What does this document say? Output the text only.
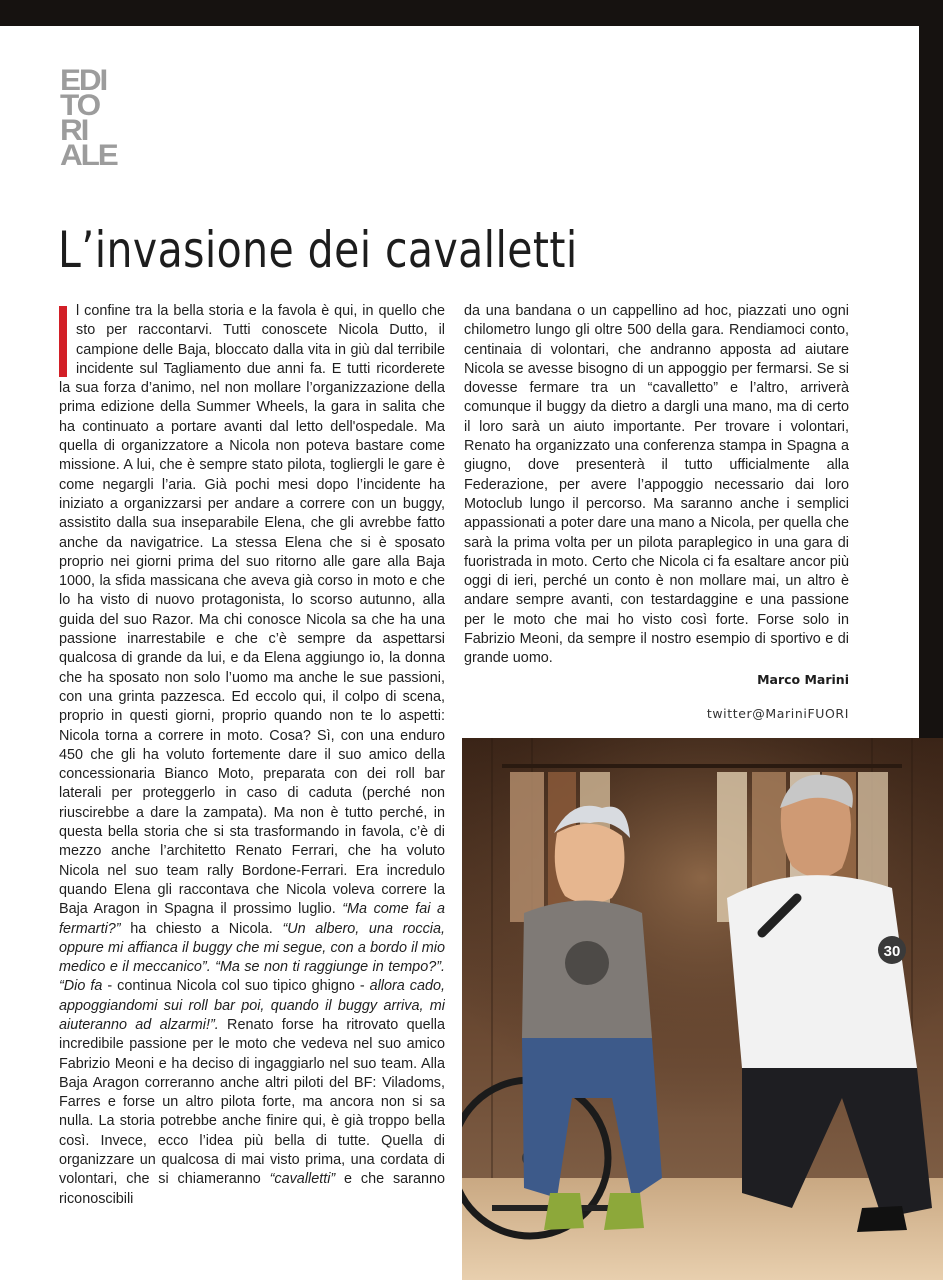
EDI
TO
RI
ALE
L’invasione dei cavalletti

l confine tra la bella storia e la favola è qui, in quello che sto per raccontarvi. Tutti conoscete Nicola Dutto, il campione delle Baja, bloccato dalla vita in giù dal terribile incidente sul Tagliamento due anni fa. E tutti ricorderete la sua forza d’animo, nel non mollare l’organizzazione della prima edizione della Summer Wheels, la gara in salita che ha continuato a portare avanti dal letto dell'ospedale. Ma quella di organizzatore a Nicola non poteva bastare come missione. A lui, che è sempre stato pilota, togliergli le gare è come negargli l’aria. Già pochi mesi dopo l’incidente ha iniziato a organizzarsi per andare a correre con un buggy, assistito dalla sua inseparabile Elena, che gli avrebbe fatto anche da navigatrice. La stessa Elena che si è sposato proprio nei giorni prima del suo ritorno alle gare alla Baja 1000, la sfida massicana che aveva già corso in moto e che lo ha visto di nuovo protagonista, lo scorso autunno, alla guida del suo Razor. Ma chi conosce Nicola sa che ha una passione inarrestabile e che c’è sempre da aspettarsi qualcosa di grande da lui, e da Elena aggiungo io, la donna che ha sposato non solo l’uomo ma anche le sue passioni, con una grinta pazzesca. Ed eccolo qui, il colpo di scena, proprio in questi giorni, proprio quando non te lo aspetti: Nicola torna a correre in moto. Cosa? Sì, con una enduro 450 che gli ha voluto fortemente dare il suo amico della concessionaria Bianco Moto, preparata con dei roll bar laterali per proteggerlo in caso di caduta (perché non riuscirebbe a dare la zampata). Ma non è tutto perché, in questa bella storia che si sta trasformando in favola, c’è di mezzo anche l’architetto Renato Ferrari, che ha voluto Nicola nel suo team rally Bordone-Ferrari. Era incredulo quando Elena gli raccontava che Nicola voleva correre la Baja Aragon in Spagna il prossimo luglio. “Ma come fai a fermarti?” ha chiesto a Nicola. “Un albero, una roccia, oppure mi affianca il buggy che mi segue, con a bordo il mio medico e il meccanico”. “Ma se non ti raggiunge in tempo?”. “Dio fa - continua Nicola col suo tipico ghigno - allora cado, appoggiandomi sui roll bar poi, quando il buggy arriva, mi aiuteranno ad alzarmi!”. Renato forse ha ritrovato quella incredibile passione per le moto che vedeva nel suo amico Fabrizio Meoni e ha deciso di ingaggiarlo nel suo team. Alla Baja Aragon correranno anche altri piloti del BF: Viladoms, Farres e forse un altro pilota forte, ma ancora non si sa nulla. La storia potrebbe anche finire qui, è già troppo bella così. Invece, ecco l’idea più bella di tutte. Quella di organizzare un qualcosa di mai visto prima, una cordata di volontari, che si chiameranno “cavalletti” e che saranno riconoscibili

da una bandana o un cappellino ad hoc, piazzati uno ogni chilometro lungo gli oltre 500 della gara. Rendiamoci conto, centinaia di volontari, che andranno apposta ad aiutare Nicola se avesse bisogno di un appoggio per fermarsi. Se si dovesse fermare tra un “cavalletto” e l’altro, arriverà comunque il buggy da dietro a dargli una mano, ma di certo il loro sarà un aiuto importante. Per trovare i volontari, Renato ha organizzato una conferenza stampa in Spagna a giugno, dove presenterà il tutto ufficialmente alla Federazione, per avere l’appoggio necessario dai loro Motoclub lungo il percorso. Ma saranno anche i semplici appassionati a poter dare una mano a Nicola, per quella che sarà la prima volta per un pilota paraplegico in una gara di fuoristrada in moto. Certo che Nicola ci fa esaltare ancor più oggi di ieri, perché un conto è non mollare mai, un altro è andare sempre avanti, con testardaggine e una passione per le moto che mai ho visto così forte. Forse solo in Fabrizio Meoni, da sempre il nostro esempio di sportivo e di grande uomo.

Marco Marini
twitter@MariniFUORI
30
